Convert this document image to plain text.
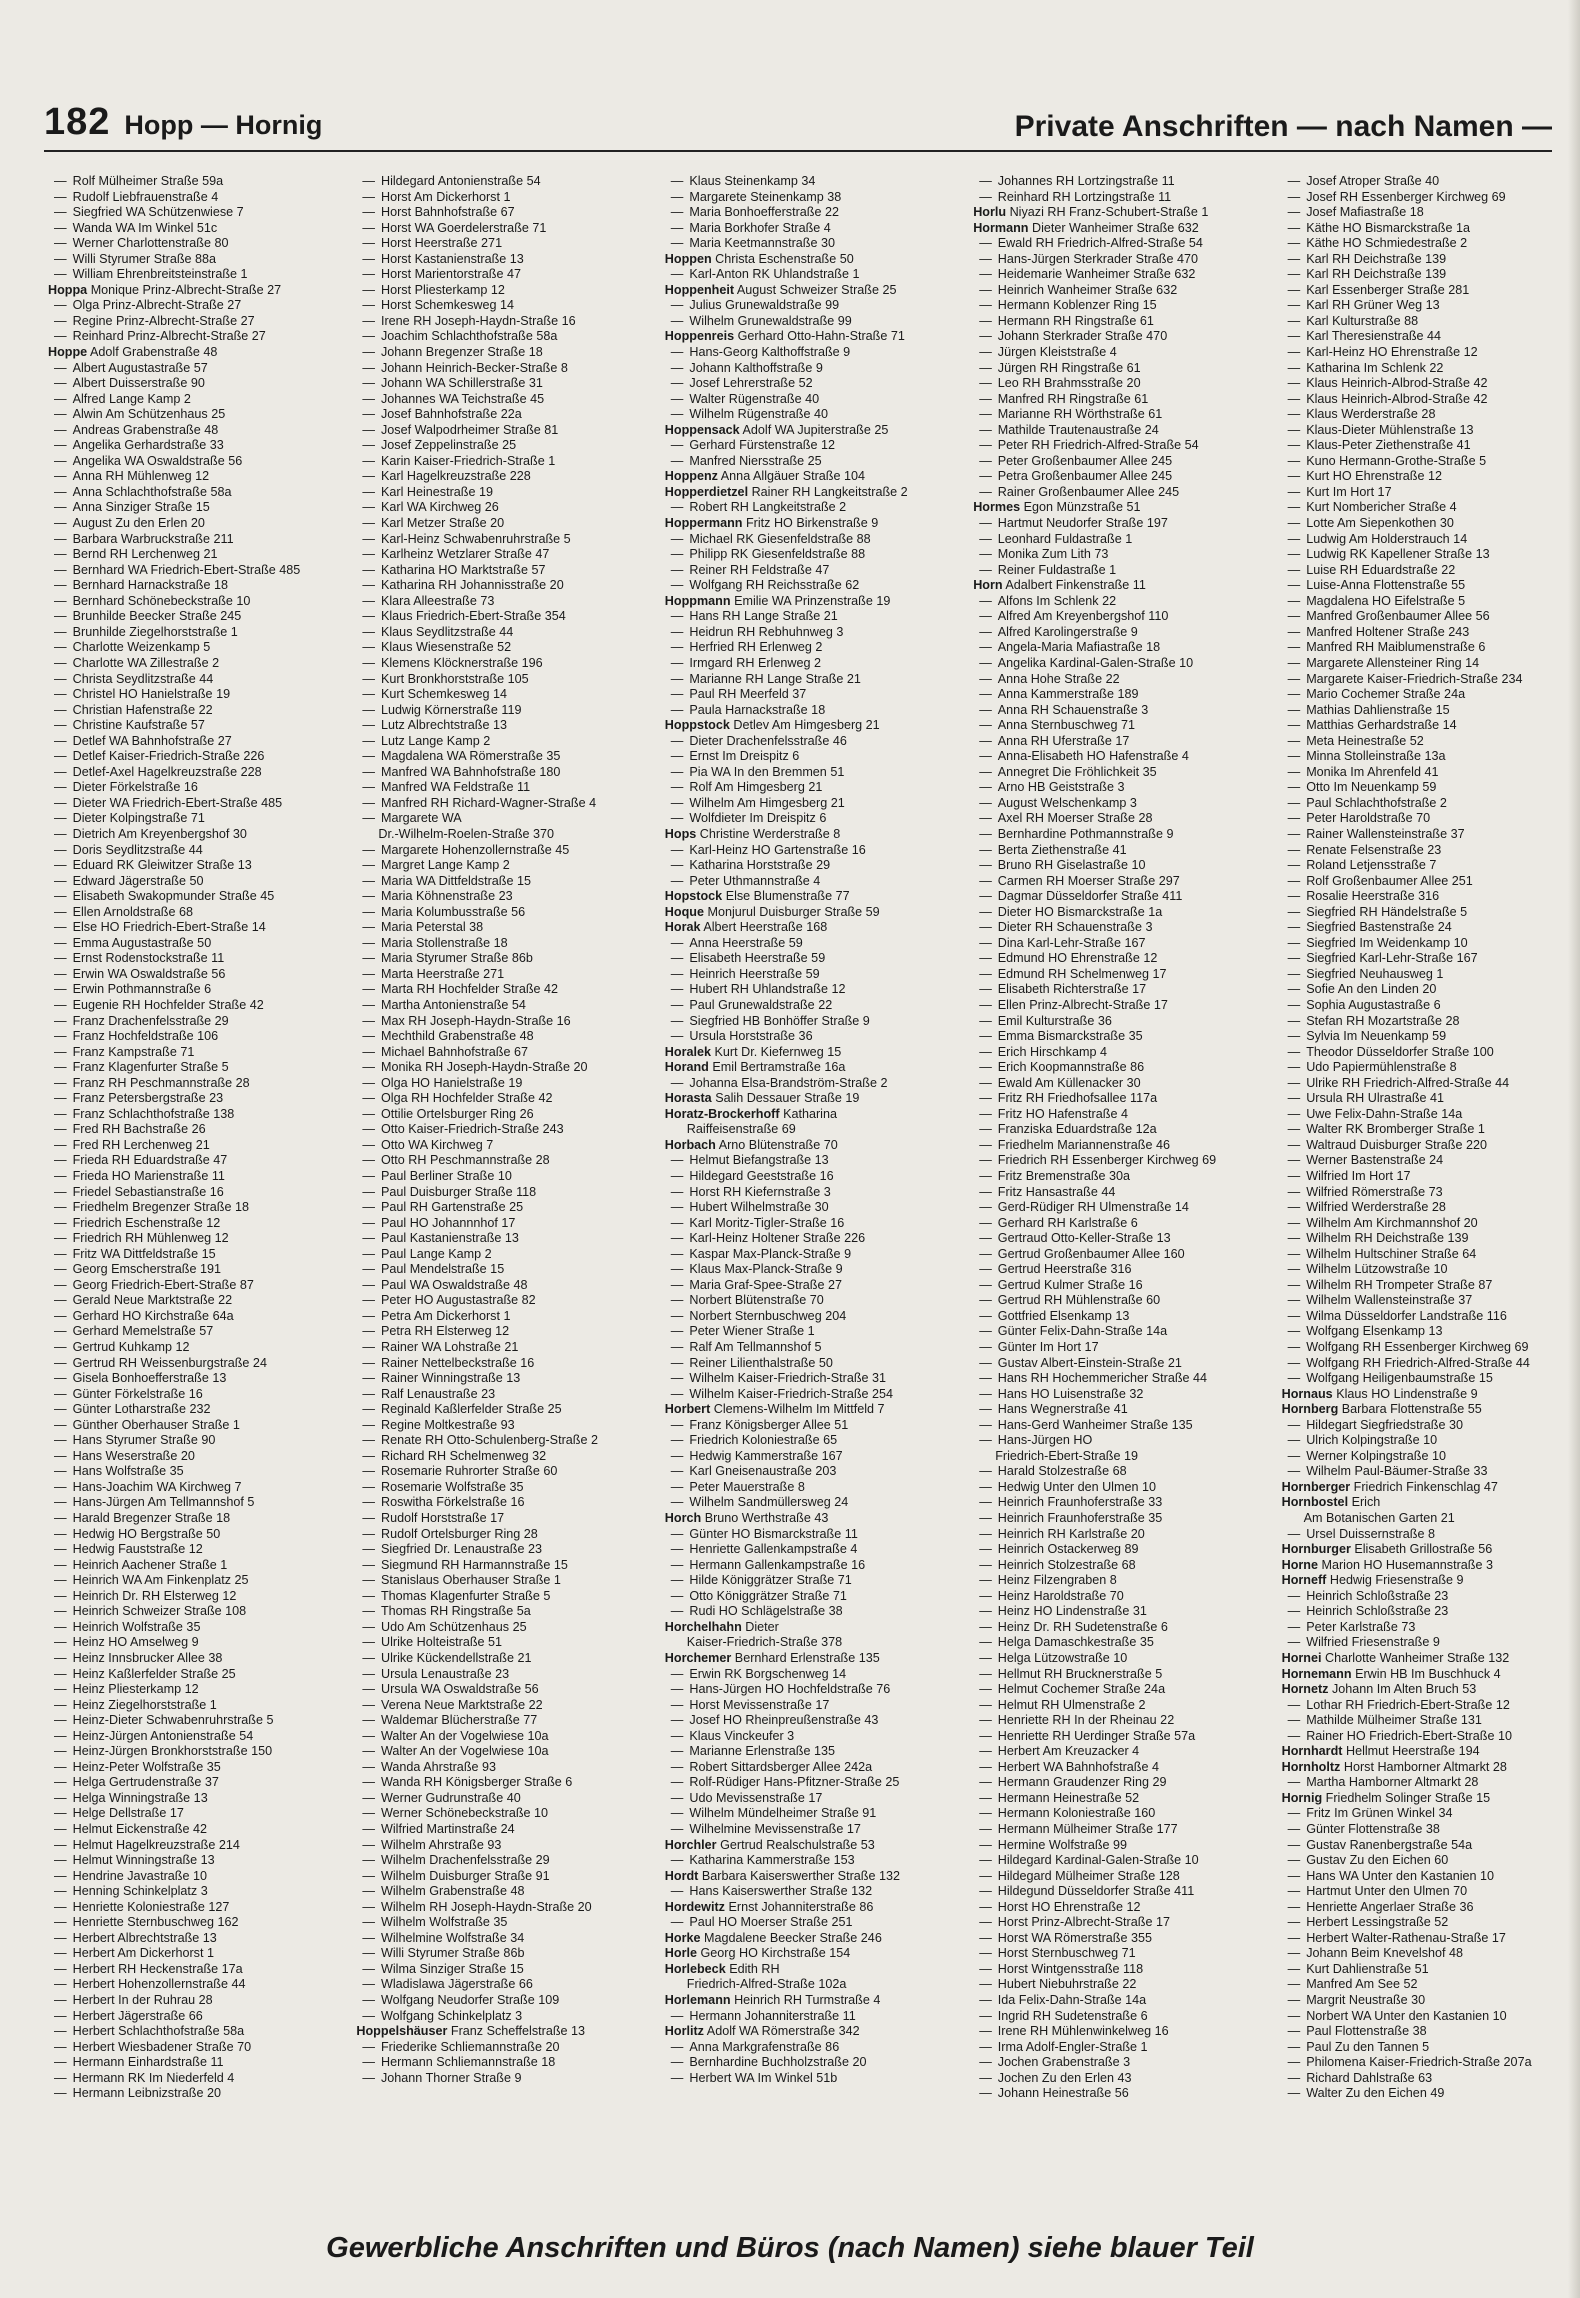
182 Hopp — Hornig	Private Anschriften — nach Namen —
— Rolf Mülheimer Straße 59a
— Rudolf Liebfrauenstraße 4
— Siegfried WA Schützenwiese 7
— Wanda WA Im Winkel 51c
— Werner Charlottenstraße 80
— Willi Styrumer Straße 88a
— William Ehrenbreitsteinstraße 1
Hoppa Monique Prinz-Albrecht-Straße 27
— Olga Prinz-Albrecht-Straße 27
— Regine Prinz-Albrecht-Straße 27
— Reinhard Prinz-Albrecht-Straße 27
Hoppe Adolf Grabenstraße 48
— Albert Augustastraße 57
— Albert Duisserstraße 90
— Alfred Lange Kamp 2
— Alwin Am Schützenhaus 25
— Andreas Grabenstraße 48
— Angelika Gerhardstraße 33
— Angelika WA Oswaldstraße 56
— Anna RH Mühlenweg 12
— Anna Schlachthofstraße 58a
— Anna Sinziger Straße 15
— August Zu den Erlen 20
— Barbara Warbruckstraße 211
— Bernd RH Lerchenweg 21
— Bernhard WA Friedrich-Ebert-Straße 485
— Bernhard Harnackstraße 18
— Bernhard Schönebeckstraße 10
— Brunhilde Beecker Straße 245
— Brunhilde Ziegelhorststraße 1
— Charlotte Weizenkamp 5
— Charlotte WA Zillestraße 2
— Christa Seydlitzstraße 44
— Christel HO Hanielstraße 19
— Christian Hafenstraße 22
— Christine Kaufstraße 57
— Detlef WA Bahnhofstraße 27
— Detlef Kaiser-Friedrich-Straße 226
— Detlef-Axel Hagelkreuzstraße 228
— Dieter Förkelstraße 16
— Dieter WA Friedrich-Ebert-Straße 485
— Dieter Kolpingstraße 71
— Dietrich Am Kreyenbergshof 30
— Doris Seydlitzstraße 44
— Eduard RK Gleiwitzer Straße 13
— Edward Jägerstraße 50
— Elisabeth Swakopmunder Straße 45
— Ellen Arnoldstraße 68
— Else HO Friedrich-Ebert-Straße 14
— Emma Augustastraße 50
— Ernst Rodenstockstraße 11
— Erwin WA Oswaldstraße 56
— Erwin Pothmannstraße 6
— Eugenie RH Hochfelder Straße 42
— Franz Drachenfelsstraße 29
— Franz Hochfeldstraße 106
— Franz Kampstraße 71
— Franz Klagenfurter Straße 5
— Franz RH Peschmannstraße 28
— Franz Petersbergstraße 23
— Franz Schlachthofstraße 138
— Fred RH Bachstraße 26
— Fred RH Lerchenweg 21
— Frieda RH Eduardstraße 47
— Frieda HO Marienstraße 11
— Friedel Sebastianstraße 16
— Friedhelm Bregenzer Straße 18
— Friedrich Eschenstraße 12
— Friedrich RH Mühlenweg 12
— Fritz WA Dittfeldstraße 15
— Georg Emscherstraße 191
— Georg Friedrich-Ebert-Straße 87
— Gerald Neue Marktstraße 22
— Gerhard HO Kirchstraße 64a
— Gerhard Memelstraße 57
— Gertrud Kuhkamp 12
— Gertrud RH Weissenburgstraße 24
— Gisela Bonhoefferstraße 13
— Günter Förkelstraße 16
— Günter Lotharstraße 232
— Günther Oberhauser Straße 1
— Hans Styrumer Straße 90
— Hans Weserstraße 20
— Hans Wolfstraße 35
— Hans-Joachim WA Kirchweg 7
— Hans-Jürgen Am Tellmannshof 5
— Harald Bregenzer Straße 18
— Hedwig HO Bergstraße 50
— Hedwig Fauststraße 12
— Heinrich Aachener Straße 1
— Heinrich WA Am Finkenplatz 25
— Heinrich Dr. RH Elsterweg 12
— Heinrich Schweizer Straße 108
— Heinrich Wolfstraße 35
— Heinz HO Amselweg 9
— Heinz Innsbrucker Allee 38
— Heinz Kaßlerfelder Straße 25
— Heinz Pliesterkamp 12
— Heinz Ziegelhorststraße 1
— Heinz-Dieter Schwabenruhrstraße 5
— Heinz-Jürgen Antonienstraße 54
— Heinz-Jürgen Bronkhorststraße 150
— Heinz-Peter Wolfstraße 35
— Helga Gertrudenstraße 37
— Helga Winningstraße 13
— Helge Dellstraße 17
— Helmut Eickenstraße 42
— Helmut Hagelkreuzstraße 214
— Helmut Winningstraße 13
— Hendrine Javastraße 10
— Henning Schinkelplatz 3
— Henriette Koloniestraße 127
— Henriette Sternbuschweg 162
— Herbert Albrechtstraße 13
— Herbert Am Dickerhorst 1
— Herbert RH Heckenstraße 17a
— Herbert Hohenzollernstraße 44
— Herbert In der Ruhrau 28
— Herbert Jägerstraße 66
— Herbert Schlachthofstraße 58a
— Herbert Wiesbadener Straße 70
— Hermann Einhardstraße 11
— Hermann RK Im Niederfeld 4
— Hermann Leibnizstraße 20
— Hildegard Antonienstraße 54
— Horst Am Dickerhorst 1
— Horst Bahnhofstraße 67
— Horst WA Goerdelerstraße 71
— Horst Heerstraße 271
— Horst Kastanienstraße 13
— Horst Marientorstraße 47
— Horst Pliesterkamp 12
— Horst Schemkesweg 14
— Irene RH Joseph-Haydn-Straße 16
— Joachim Schlachthofstraße 58a
— Johann Bregenzer Straße 18
— Johann Heinrich-Becker-Straße 8
— Johann WA Schillerstraße 31
— Johannes WA Teichstraße 45
— Josef Bahnhofstraße 22a
— Josef Walpodrheimer Straße 81
— Josef Zeppelinstraße 25
— Karin Kaiser-Friedrich-Straße 1
— Karl Hagelkreuzstraße 228
— Karl Heinestraße 19
— Karl WA Kirchweg 26
— Karl Metzer Straße 20
— Karl-Heinz Schwabenruhrstraße 5
— Karlheinz Wetzlarer Straße 47
— Katharina HO Marktstraße 57
— Katharina RH Johannisstraße 20
— Klara Alleestraße 73
— Klaus Friedrich-Ebert-Straße 354
— Klaus Seydlitzstraße 44
— Klaus Wiesenstraße 52
— Klemens Klöcknerstraße 196
— Kurt Bronkhorststraße 105
— Kurt Schemkesweg 14
— Ludwig Körnerstraße 119
— Lutz Albrechtstraße 13
— Lutz Lange Kamp 2
— Magdalena WA Römerstraße 35
— Manfred WA Bahnhofstraße 180
— Manfred WA Feldstraße 11
— Manfred RH Richard-Wagner-Straße 4
— Margarete WA
Dr.-Wilhelm-Roelen-Straße 370
— Margarete Hohenzollernstraße 45
— Margret Lange Kamp 2
— Maria WA Dittfeldstraße 15
— Maria Köhnenstraße 23
— Maria Kolumbusstraße 56
— Maria Peterstal 38
— Maria Stollenstraße 18
— Maria Styrumer Straße 86b
— Marta Heerstraße 271
— Marta RH Hochfelder Straße 42
— Martha Antonienstraße 54
— Max RH Joseph-Haydn-Straße 16
— Mechthild Grabenstraße 48
— Michael Bahnhofstraße 67
— Monika RH Joseph-Haydn-Straße 20
— Olga HO Hanielstraße 19
— Olga RH Hochfelder Straße 42
— Ottilie Ortelsburger Ring 26
— Otto Kaiser-Friedrich-Straße 243
— Otto WA Kirchweg 7
— Otto RH Peschmannstraße 28
— Paul Berliner Straße 10
— Paul Duisburger Straße 118
— Paul RH Gartenstraße 25
— Paul HO Johannnhof 17
— Paul Kastanienstraße 13
— Paul Lange Kamp 2
— Paul Mendelstraße 15
— Paul WA Oswaldstraße 48
— Peter HO Augustastraße 82
— Petra Am Dickerhorst 1
— Petra RH Elsterweg 12
— Rainer WA Lohstraße 21
— Rainer Nettelbeckstraße 16
— Rainer Winningstraße 13
— Ralf Lenaustraße 23
— Reginald Kaßlerfelder Straße 25
— Regine Moltkestraße 93
— Renate RH Otto-Schulenberg-Straße 2
— Richard RH Schelmenweg 32
— Rosemarie Ruhrorter Straße 60
— Rosemarie Wolfstraße 35
— Roswitha Förkelstraße 16
— Rudolf Horststraße 17
— Rudolf Ortelsburger Ring 28
— Siegfried Dr. Lenaustraße 23
— Siegmund RH Harmannstraße 15
— Stanislaus Oberhauser Straße 1
— Thomas Klagenfurter Straße 5
— Thomas RH Ringstraße 5a
— Udo Am Schützenhaus 25
— Ulrike Holteistraße 51
— Ulrike Kückendellstraße 21
— Ursula Lenaustraße 23
— Ursula WA Oswaldstraße 56
— Verena Neue Marktstraße 22
— Waldemar Blücherstraße 77
— Walter An der Vogelwiese 10a
— Walter An der Vogelwiese 10a
— Wanda Ahrstraße 93
— Wanda RH Königsberger Straße 6
— Werner Gudrunstraße 40
— Werner Schönebeckstraße 10
— Wilfried Martinstraße 24
— Wilhelm Ahrstraße 93
— Wilhelm Drachenfelsstraße 29
— Wilhelm Duisburger Straße 91
— Wilhelm Grabenstraße 48
— Wilhelm RH Joseph-Haydn-Straße 20
— Wilhelm Wolfstraße 35
— Wilhelmine Wolfstraße 34
— Willi Styrumer Straße 86b
— Wilma Sinziger Straße 15
— Wladislawa Jägerstraße 66
— Wolfgang Neudorfer Straße 109
— Wolfgang Schinkelplatz 3
Hoppelshäuser Franz Scheffelstraße 13
— Friederike Schliemannstraße 20
— Hermann Schliemannstraße 18
— Johann Thorner Straße 9
— Klaus Steinenkamp 34
— Margarete Steinenkamp 38
— Maria Bonhoefferstraße 22
— Maria Borkhofer Straße 4
— Maria Keetmannstraße 30
Hoppen Christa Eschenstraße 50
— Karl-Anton RK Uhlandstraße 1
Hoppenheit August Schweizer Straße 25
— Julius Grunewaldstraße 99
— Wilhelm Grunewaldstraße 99
Hoppenreis Gerhard Otto-Hahn-Straße 71
— Hans-Georg Kalthoffstraße 9
— Johann Kalthoffstraße 9
— Josef Lehrerstraße 52
— Walter Rügenstraße 40
— Wilhelm Rügenstraße 40
Hoppensack Adolf WA Jupiterstraße 25
— Gerhard Fürstenstraße 12
— Manfred Niersstraße 25
Hoppenz Anna Allgäuer Straße 104
Hopperdietzel Rainer RH Langkeitstraße 2
— Robert RH Langkeitstraße 2
Hoppermann Fritz HO Birkenstraße 9
— Michael RK Giesenfeldstraße 88
— Philipp RK Giesenfeldstraße 88
— Reiner RH Feldstraße 47
— Wolfgang RH Reichsstraße 62
Hoppmann Emilie WA Prinzenstraße 19
— Hans RH Lange Straße 21
— Heidrun RH Rebhuhnweg 3
— Herfried RH Erlenweg 2
— Irmgard RH Erlenweg 2
— Marianne RH Lange Straße 21
— Paul RH Meerfeld 37
— Paula Harnackstraße 18
Hoppstock Detlev Am Himgesberg 21
— Dieter Drachenfelsstraße 46
— Ernst Im Dreispitz 6
— Pia WA In den Bremmen 51
— Rolf Am Himgesberg 21
— Wilhelm Am Himgesberg 21
— Wolfdieter Im Dreispitz 6
Hops Christine Werderstraße 8
— Karl-Heinz HO Gartenstraße 16
— Katharina Horststraße 29
— Peter Uthmannstraße 4
Hopstock Else Blumenstraße 77
Hoque Monjurul Duisburger Straße 59
Horak Albert Heerstraße 168
— Anna Heerstraße 59
— Elisabeth Heerstraße 59
— Heinrich Heerstraße 59
— Hubert RH Uhlandstraße 12
— Paul Grunewaldstraße 22
— Siegfried HB Bonhöffer Straße 9
— Ursula Horststraße 36
Horalek Kurt Dr. Kiefernweg 15
Horand Emil Bertramstraße 16a
— Johanna Elsa-Brandström-Straße 2
Horasta Salih Dessauer Straße 19
Horatz-Brockerhoff Katharina
Raiffeisenstraße 69
Horbach Arno Blütenstraße 70
— Helmut Biefangstraße 13
— Hildegard Geeststraße 16
— Horst RH Kiefernstraße 3
— Hubert Wilhelmstraße 30
— Karl Moritz-Tigler-Straße 16
— Karl-Heinz Holtener Straße 226
— Kaspar Max-Planck-Straße 9
— Klaus Max-Planck-Straße 9
— Maria Graf-Spee-Straße 27
— Norbert Blütenstraße 70
— Norbert Sternbuschweg 204
— Peter Wiener Straße 1
— Ralf Am Tellmannshof 5
— Reiner Lilienthalstraße 50
— Wilhelm Kaiser-Friedrich-Straße 31
— Wilhelm Kaiser-Friedrich-Straße 254
Horbert Clemens-Wilhelm Im Mittfeld 7
— Franz Königsberger Allee 51
— Friedrich Koloniestraße 65
— Hedwig Kammerstraße 167
— Karl Gneisenaustraße 203
— Peter Mauerstraße 8
— Wilhelm Sandmüllersweg 24
Horch Bruno Werthstraße 43
— Günter HO Bismarckstraße 11
— Henriette Gallenkampstraße 4
— Hermann Gallenkampstraße 16
— Hilde Königgrätzer Straße 71
— Otto Königgrätzer Straße 71
— Rudi HO Schlägelstraße 38
Horchelhahn Dieter
Kaiser-Friedrich-Straße 378
Horchemer Bernhard Erlenstraße 135
— Erwin RK Borgschenweg 14
— Hans-Jürgen HO Hochfeldstraße 76
— Horst Mevissenstraße 17
— Josef HO Rheinpreußenstraße 43
— Klaus Vinckeufer 3
— Marianne Erlenstraße 135
— Robert Sittardsberger Allee 242a
— Rolf-Rüdiger Hans-Pfitzner-Straße 25
— Udo Mevissenstraße 17
— Wilhelm Mündelheimer Straße 91
— Wilhelmine Mevissenstraße 17
Horchler Gertrud Realschulstraße 53
— Katharina Kammerstraße 153
Hordt Barbara Kaiserswerther Straße 132
— Hans Kaiserswerther Straße 132
Hordewitz Ernst Johanniterstraße 86
— Paul HO Moerser Straße 251
Horke Magdalene Beecker Straße 246
Horle Georg HO Kirchstraße 154
Horlebeck Edith RH
Friedrich-Alfred-Straße 102a
Horlemann Heinrich RH Turmstraße 4
— Hermann Johanniterstraße 11
Horlitz Adolf WA Römerstraße 342
— Anna Markgrafenstraße 86
— Bernhardine Buchholzstraße 20
— Herbert WA Im Winkel 51b
— Johannes RH Lortzingstraße 11
— Reinhard RH Lortzingstraße 11
Horlu Niyazi RH Franz-Schubert-Straße 1
Hormann Dieter Wanheimer Straße 632
— Ewald RH Friedrich-Alfred-Straße 54
— Hans-Jürgen Sterkrader Straße 470
— Heidemarie Wanheimer Straße 632
— Heinrich Wanheimer Straße 632
— Hermann Koblenzer Ring 15
— Hermann RH Ringstraße 61
— Johann Sterkrader Straße 470
— Jürgen Kleiststraße 4
— Jürgen RH Ringstraße 61
— Leo RH Brahmsstraße 20
— Manfred RH Ringstraße 61
— Marianne RH Wörthstraße 61
— Mathilde Trautenaustraße 24
— Peter RH Friedrich-Alfred-Straße 54
— Peter Großenbaumer Allee 245
— Petra Großenbaumer Allee 245
— Rainer Großenbaumer Allee 245
Hormes Egon Münzstraße 51
— Hartmut Neudorfer Straße 197
— Leonhard Fuldastraße 1
— Monika Zum Lith 73
— Reiner Fuldastraße 1
Horn Adalbert Finkenstraße 11
— Alfons Im Schlenk 22
— Alfred Am Kreyenbergshof 110
— Alfred Karolingerstraße 9
— Angela-Maria Mafiastraße 18
— Angelika Kardinal-Galen-Straße 10
— Anna Hohe Straße 22
— Anna Kammerstraße 189
— Anna RH Schauenstraße 3
— Anna Sternbuschweg 71
— Anna RH Uferstraße 17
— Anna-Elisabeth HO Hafenstraße 4
— Annegret Die Fröhlichkeit 35
— Arno HB Geiststraße 3
— August Welschenkamp 3
— Axel RH Moerser Straße 28
— Bernhardine Pothmannstraße 9
— Berta Ziethenstraße 41
— Bruno RH Giselastraße 10
— Carmen RH Moerser Straße 297
— Dagmar Düsseldorfer Straße 411
— Dieter HO Bismarckstraße 1a
— Dieter RH Schauenstraße 3
— Dina Karl-Lehr-Straße 167
— Edmund HO Ehrenstraße 12
— Edmund RH Schelmenweg 17
— Elisabeth Richterstraße 17
— Ellen Prinz-Albrecht-Straße 17
— Emil Kulturstraße 36
— Emma Bismarckstraße 35
— Erich Hirschkamp 4
— Erich Koopmannstraße 86
— Ewald Am Küllenacker 30
— Fritz RH Friedhofsallee 117a
— Fritz HO Hafenstraße 4
— Franziska Eduardstraße 12a
— Friedhelm Mariannenstraße 46
— Friedrich RH Essenberger Kirchweg 69
— Fritz Bremenstraße 30a
— Fritz Hansastraße 44
— Gerd-Rüdiger RH Ulmenstraße 14
— Gerhard RH Karlstraße 6
— Gertraud Otto-Keller-Straße 13
— Gertrud Großenbaumer Allee 160
— Gertrud Heerstraße 316
— Gertrud Kulmer Straße 16
— Gertrud RH Mühlenstraße 60
— Gottfried Elsenkamp 13
— Günter Felix-Dahn-Straße 14a
— Günter Im Hort 17
— Gustav Albert-Einstein-Straße 21
— Hans RH Hochemmericher Straße 44
— Hans HO Luisenstraße 32
— Hans Wegnerstraße 41
— Hans-Gerd Wanheimer Straße 135
— Hans-Jürgen HO
Friedrich-Ebert-Straße 19
— Harald Stolzestraße 68
— Hedwig Unter den Ulmen 10
— Heinrich Fraunhoferstraße 33
— Heinrich Fraunhoferstraße 35
— Heinrich RH Karlstraße 20
— Heinrich Ostackerweg 89
— Heinrich Stolzestraße 68
— Heinz Filzengraben 8
— Heinz Haroldstraße 70
— Heinz HO Lindenstraße 31
— Heinz Dr. RH Sudetenstraße 6
— Helga Damaschkestraße 35
— Helga Lützowstraße 10
— Hellmut RH Brucknerstraße 5
— Helmut Cochemer Straße 24a
— Helmut RH Ulmenstraße 2
— Henriette RH In der Rheinau 22
— Henriette RH Uerdinger Straße 57a
— Herbert Am Kreuzacker 4
— Herbert WA Bahnhofstraße 4
— Hermann Graudenzer Ring 29
— Hermann Heinestraße 52
— Hermann Koloniestraße 160
— Hermann Mülheimer Straße 177
— Hermine Wolfstraße 99
— Hildegard Kardinal-Galen-Straße 10
— Hildegard Mülheimer Straße 128
— Hildegund Düsseldorfer Straße 411
— Horst HO Ehrenstraße 12
— Horst Prinz-Albrecht-Straße 17
— Horst WA Römerstraße 355
— Horst Sternbuschweg 71
— Horst Wintgensstraße 118
— Hubert Niebuhrstraße 22
— Ida Felix-Dahn-Straße 14a
— Ingrid RH Sudetenstraße 6
— Irene RH Mühlenwinkelweg 16
— Irma Adolf-Engler-Straße 1
— Jochen Grabenstraße 3
— Jochen Zu den Erlen 43
— Johann Heinestraße 56
— Josef Atroper Straße 40
— Josef RH Essenberger Kirchweg 69
— Josef Mafiastraße 18
— Käthe HO Bismarckstraße 1a
— Käthe HO Schmiedestraße 2
— Karl RH Deichstraße 139
— Karl RH Deichstraße 139
— Karl Essenberger Straße 281
— Karl RH Grüner Weg 13
— Karl Kulturstraße 88
— Karl Theresienstraße 44
— Karl-Heinz HO Ehrenstraße 12
— Katharina Im Schlenk 22
— Klaus Heinrich-Albrod-Straße 42
— Klaus Heinrich-Albrod-Straße 42
— Klaus Werderstraße 28
— Klaus-Dieter Mühlenstraße 13
— Klaus-Peter Ziethenstraße 41
— Kuno Hermann-Grothe-Straße 5
— Kurt HO Ehrenstraße 12
— Kurt Im Hort 17
— Kurt Nombericher Straße 4
— Lotte Am Siepenkothen 30
— Ludwig Am Holderstrauch 14
— Ludwig RK Kapellener Straße 13
— Luise RH Eduardstraße 22
— Luise-Anna Flottenstraße 55
— Magdalena HO Eifelstraße 5
— Manfred Großenbaumer Allee 56
— Manfred Holtener Straße 243
— Manfred RH Maiblumenstraße 6
— Margarete Allensteiner Ring 14
— Margarete Kaiser-Friedrich-Straße 234
— Mario Cochemer Straße 24a
— Mathias Dahlienstraße 15
— Matthias Gerhardstraße 14
— Meta Heinestraße 52
— Minna Stolleinstraße 13a
— Monika Im Ahrenfeld 41
— Otto Im Neuenkamp 59
— Paul Schlachthofstraße 2
— Peter Haroldstraße 70
— Rainer Wallensteinstraße 37
— Renate Felsenstraße 23
— Roland Letjensstraße 7
— Rolf Großenbaumer Allee 251
— Rosalie Heerstraße 316
— Siegfried RH Händelstraße 5
— Siegfried Bastenstraße 24
— Siegfried Im Weidenkamp 10
— Siegfried Karl-Lehr-Straße 167
— Siegfried Neuhausweg 1
— Sofie An den Linden 20
— Sophia Augustastraße 6
— Stefan RH Mozartstraße 28
— Sylvia Im Neuenkamp 59
— Theodor Düsseldorfer Straße 100
— Udo Papiermühlenstraße 8
— Ulrike RH Friedrich-Alfred-Straße 44
— Ursula RH Ulrastraße 41
— Uwe Felix-Dahn-Straße 14a
— Walter RK Bromberger Straße 1
— Waltraud Duisburger Straße 220
— Werner Bastenstraße 24
— Wilfried Im Hort 17
— Wilfried Römerstraße 73
— Wilfried Werderstraße 28
— Wilhelm Am Kirchmannshof 20
— Wilhelm RH Deichstraße 139
— Wilhelm Hultschiner Straße 64
— Wilhelm Lützowstraße 10
— Wilhelm RH Trompeter Straße 87
— Wilhelm Wallensteinstraße 37
— Wilma Düsseldorfer Landstraße 116
— Wolfgang Elsenkamp 13
— Wolfgang RH Essenberger Kirchweg 69
— Wolfgang RH Friedrich-Alfred-Straße 44
— Wolfgang Heiligenbaumstraße 15
Hornaus Klaus HO Lindenstraße 9
Hornberg Barbara Flottenstraße 55
— Hildegart Siegfriedstraße 30
— Ulrich Kolpingstraße 10
— Werner Kolpingstraße 10
— Wilhelm Paul-Bäumer-Straße 33
Hornberger Friedrich Finkenschlag 47
Hornbostel Erich
Am Botanischen Garten 21
— Ursel Duissernstraße 8
Hornburger Elisabeth Grillostraße 56
Horne Marion HO Husemannstraße 3
Horneff Hedwig Friesenstraße 9
— Heinrich Schloßstraße 23
— Heinrich Schloßstraße 23
— Peter Karlstraße 73
— Wilfried Friesenstraße 9
Hornei Charlotte Wanheimer Straße 132
Hornemann Erwin HB Im Buschhuck 4
Hornetz Johann Im Alten Bruch 53
— Lothar RH Friedrich-Ebert-Straße 12
— Mathilde Mülheimer Straße 131
— Rainer HO Friedrich-Ebert-Straße 10
Hornhardt Hellmut Heerstraße 194
Hornholtz Horst Hamborner Altmarkt 28
— Martha Hamborner Altmarkt 28
Hornig Friedhelm Solinger Straße 15
— Fritz Im Grünen Winkel 34
— Günter Flottenstraße 38
— Gustav Ranenbergstraße 54a
— Gustav Zu den Eichen 60
— Hans WA Unter den Kastanien 10
— Hartmut Unter den Ulmen 70
— Henriette Angerlaer Straße 36
— Herbert Lessingstraße 52
— Herbert Walter-Rathenau-Straße 17
— Johann Beim Knevelshof 48
— Kurt Dahlienstraße 51
— Manfred Am See 52
— Margrit Neustraße 30
— Norbert WA Unter den Kastanien 10
— Paul Flottenstraße 38
— Paul Zu den Tannen 5
— Philomena Kaiser-Friedrich-Straße 207a
— Richard Dahlstraße 63
— Walter Zu den Eichen 49
Gewerbliche Anschriften und Büros (nach Namen) siehe blauer Teil
